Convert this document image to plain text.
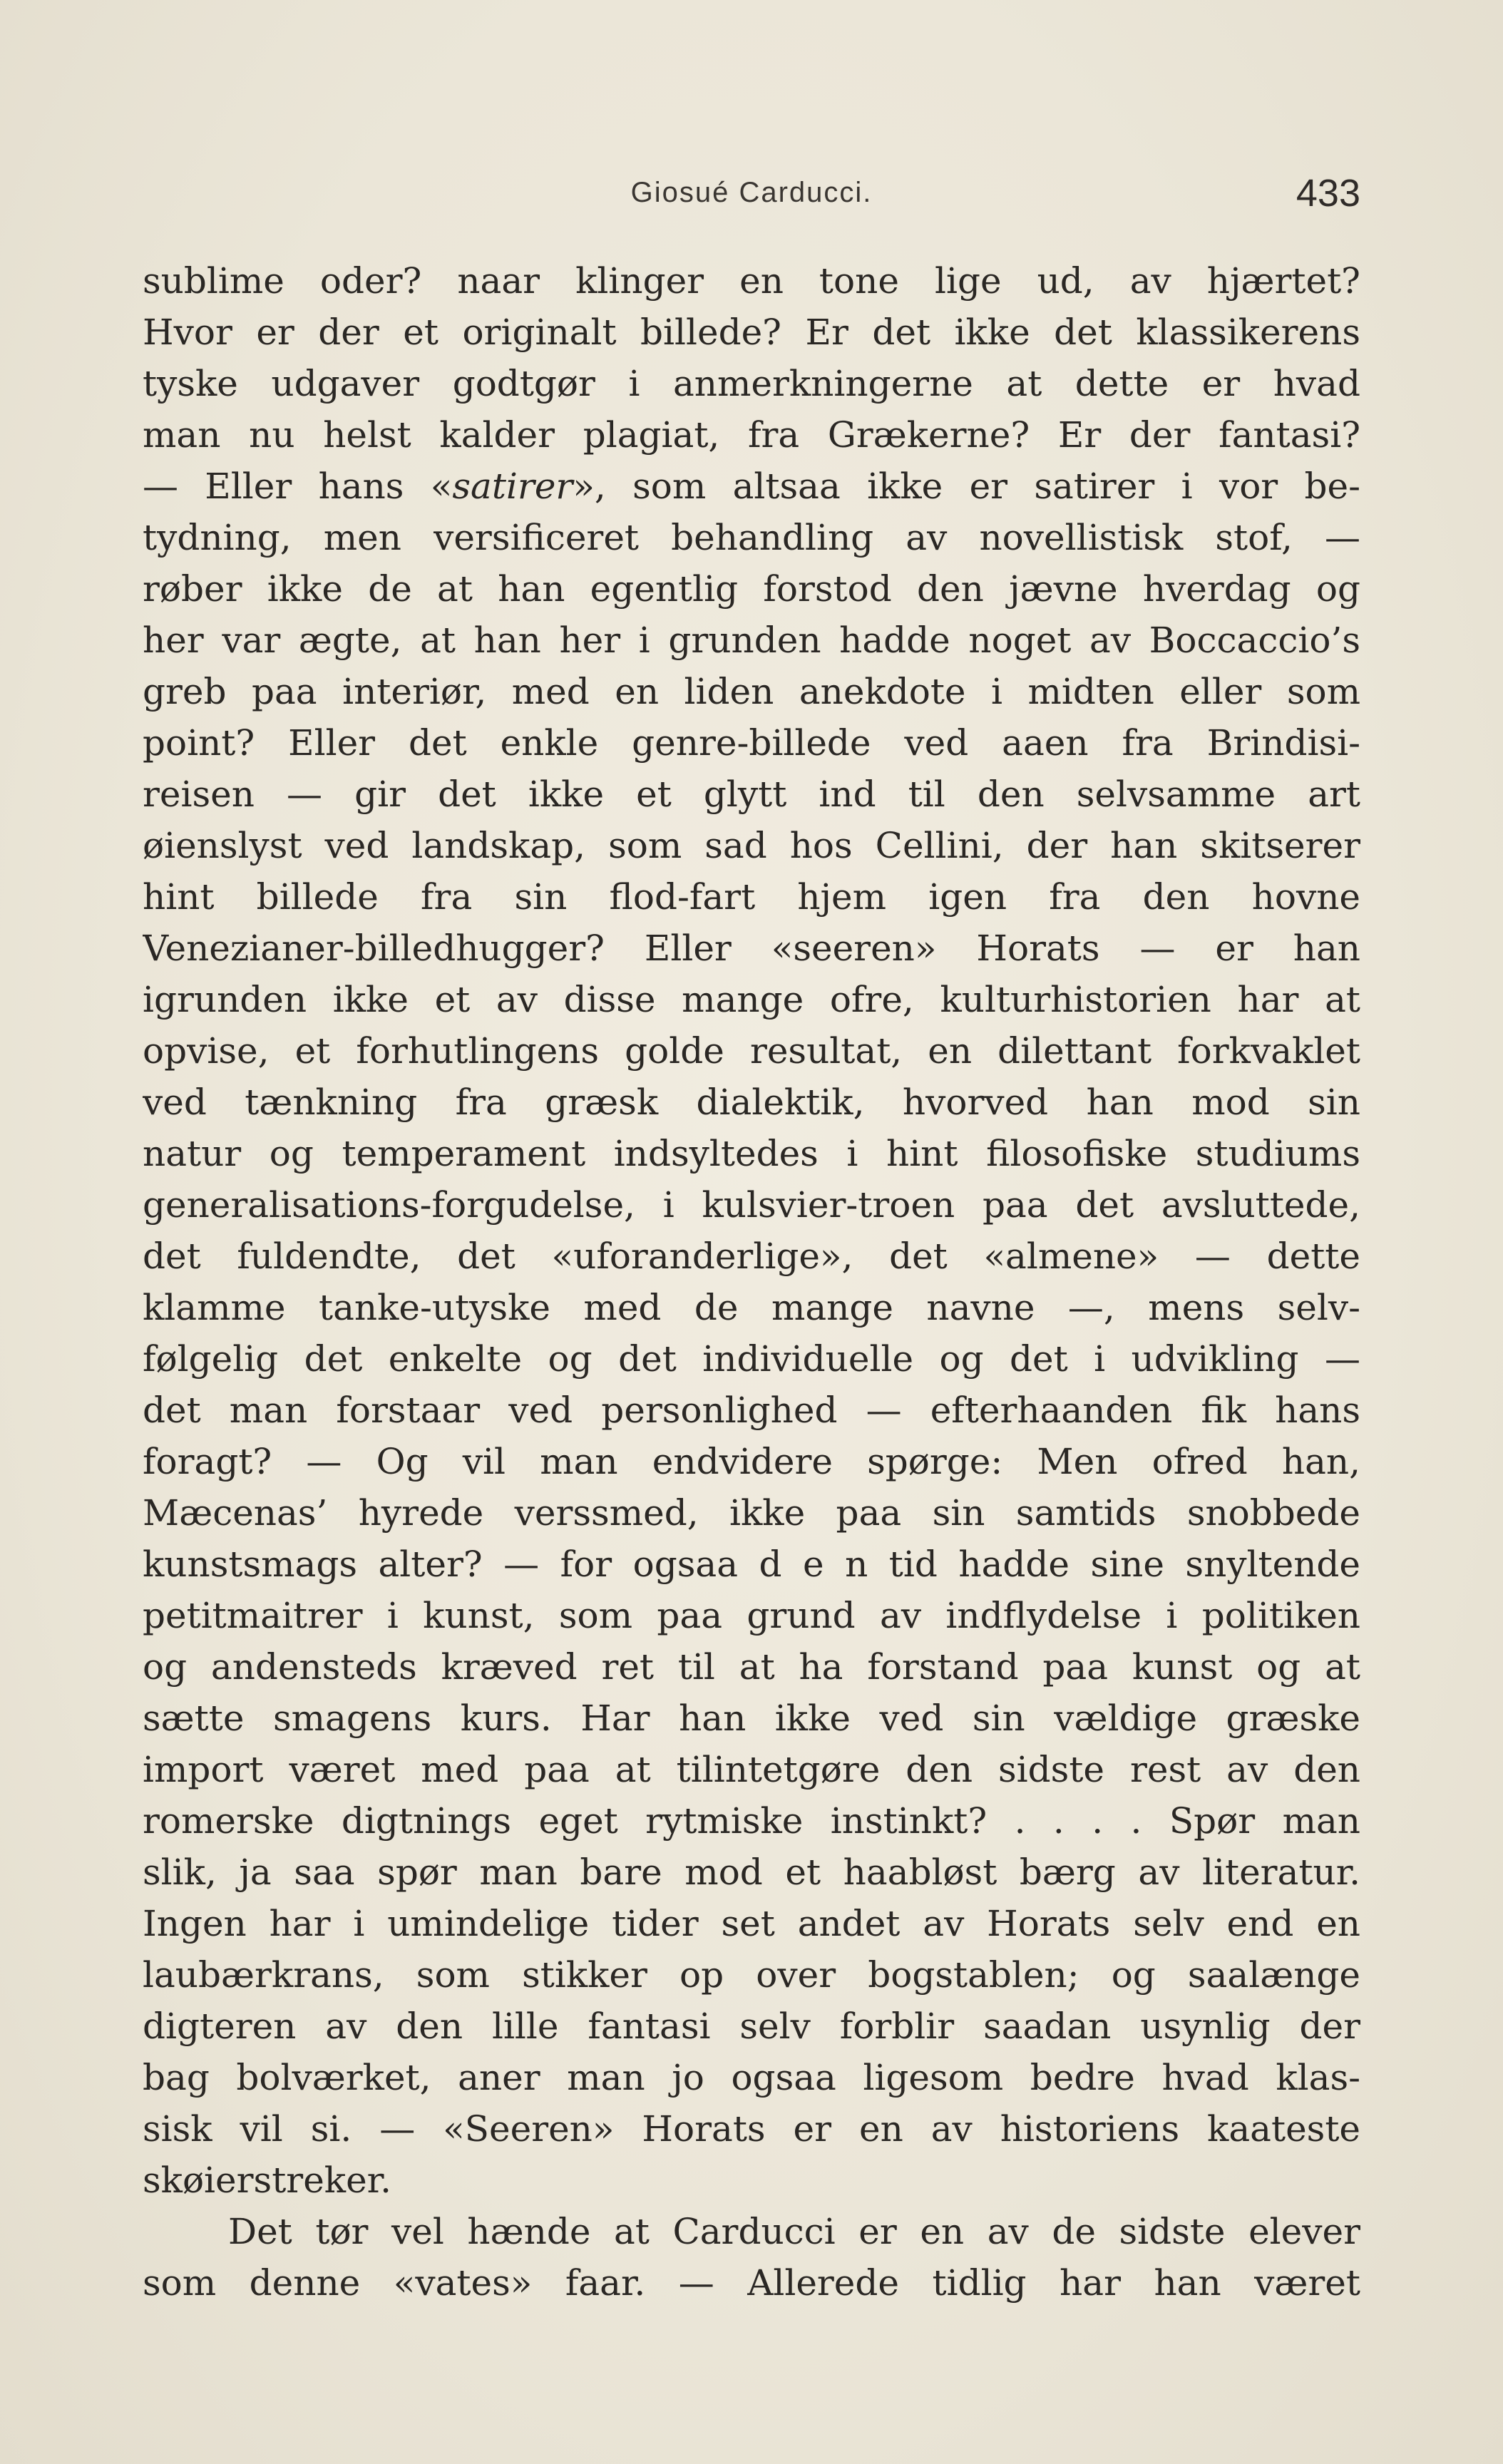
Giosué Carducci.	433
sublime oder? naar klinger en tone lige ud, av hjærtet?
Hvor er der et originalt billede? Er det ikke det klassikerens
tyske udgaver godtgør i anmerkningerne at dette er hvad
man nu helst kalder plagiat, fra Grækerne? Er der fantasi?
— Eller hans «satirer», som altsaa ikke er satirer i vor be-
tydning, men versificeret behandling av novellistisk stof, —
røber ikke de at han egentlig forstod den jævne hverdag og
her var ægte, at han her i grunden hadde noget av Boccaccio’s
greb paa interiør, med en liden anekdote i midten eller som
point? Eller det enkle genre-billede ved aaen fra Brindisi-
reisen — gir det ikke et glytt ind til den selvsamme art
øienslyst ved landskap, som sad hos Cellini, der han skitserer
hint billede fra sin flod-fart hjem igen fra den hovne
Venezianer-billedhugger? Eller «seeren» Horats — er han
igrunden ikke et av disse mange ofre, kulturhistorien har at
opvise, et forhutlingens golde resultat, en dilettant forkvaklet
ved tænkning fra græsk dialektik, hvorved han mod sin
natur og temperament indsyltedes i hint filosofiske studiums
generalisations-forgudelse, i kulsvier-troen paa det avsluttede,
det fuldendte, det «uforanderlige», det «almene» — dette
klamme tanke-utyske med de mange navne —, mens selv-
følgelig det enkelte og det individuelle og det i udvikling —
det man forstaar ved personlighed — efterhaanden fik hans
foragt? — Og vil man endvidere spørge: Men ofred han,
Mæcenas’ hyrede verssmed, ikke paa sin samtids snobbede
kunstsmags alter? — for ogsaa d e n tid hadde sine snyltende
petitmaitrer i kunst, som paa grund av indflydelse i politiken
og andensteds kræved ret til at ha forstand paa kunst og at
sætte smagens kurs. Har han ikke ved sin vældige græske
import været med paa at tilintetgøre den sidste rest av den
romerske digtnings eget rytmiske instinkt? . . . . Spør man
slik, ja saa spør man bare mod et haabløst bærg av literatur.
Ingen har i umindelige tider set andet av Horats selv end en
laubærkrans, som stikker op over bogstablen; og saalænge
digteren av den lille fantasi selv forblir saadan usynlig der
bag bolværket, aner man jo ogsaa ligesom bedre hvad klas-
sisk vil si. — «Seeren» Horats er en av historiens kaateste
skøierstreker.
Det tør vel hænde at Carducci er en av de sidste elever
som denne «vates» faar. — Allerede tidlig har han været
